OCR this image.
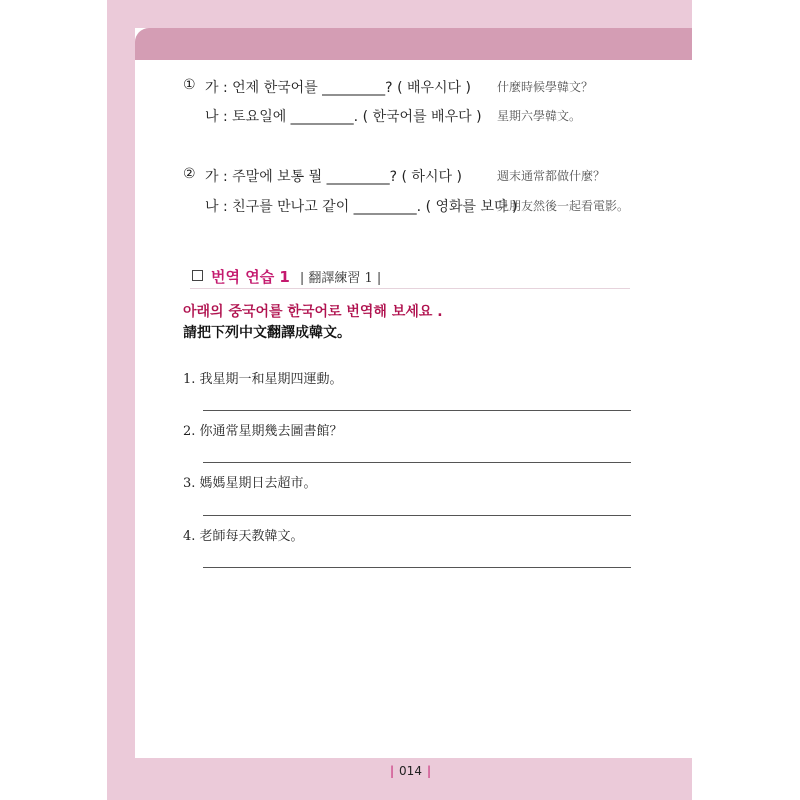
① 가 : 언제 한국어를 _________? ( 배우시다 ) 什麼時候學韓文？
나 : 토요일에 _________. ( 한국어를 배우다 ) 星期六學韓文。
② 가 : 주말에 보통 뭘 _________? ( 하시다 )	週末通常都做什麼？
나 : 친구를 만나고 같이 _________. ( 영화를 보다 )
見朋友然後一起看電影。
번역 연습 1 | 翻譯練習 1 |
아래의 중국어를 한국어로 번역해 보세요 .
請把下列中文翻譯成韓文。
1. 我星期一和星期四運動。
2. 你通常星期幾去圖書館？
3. 媽媽星期日去超市。
4. 老師每天教韓文。
| 014 |
